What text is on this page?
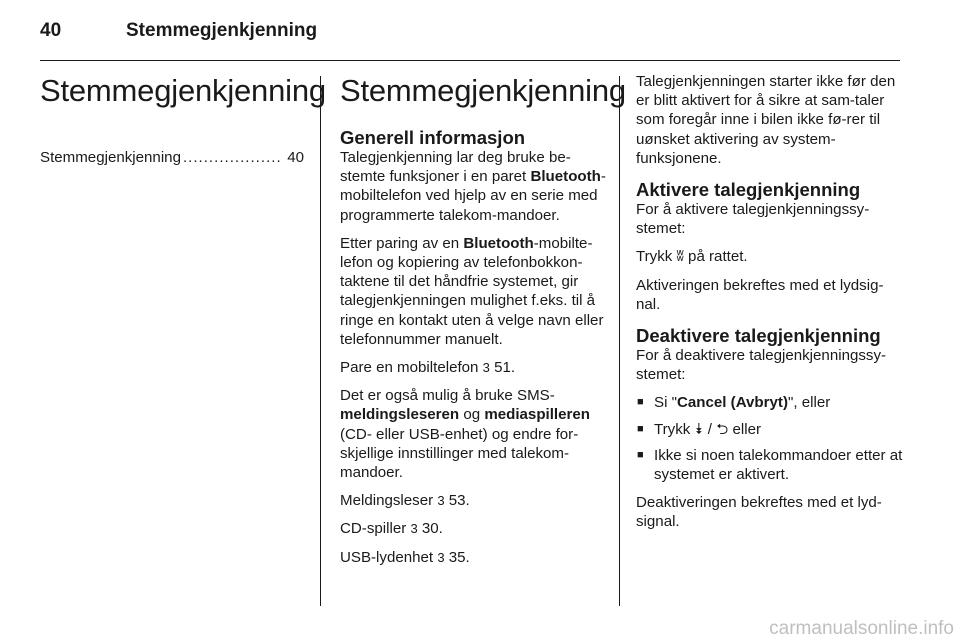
40	Stemmegjenkjenning
Stemmegjenkjenning
Stemmegjenkjenning ................... 40
Stemmegjenkjenning
Generell informasjon

Talegjenkjenning lar deg bruke be-stemte funksjoner i en paret Bluetooth-mobiltelefon ved hjelp av en serie med programmerte talekom-mandoer.

Etter paring av en Bluetooth-mobilte-lefon og kopiering av telefonbokkon-taktene til det håndfrie systemet, gir talegjenkjenningen mulighet f.eks. til å ringe en kontakt uten å velge navn eller telefonnummer manuelt.

Pare en mobiltelefon 3 51.

Det er også mulig å bruke SMS-meldingsleseren og mediaspilleren (CD- eller USB-enhet) og endre for-skjellige innstillinger med talekom-mandoer.

Meldingsleser 3 53.

CD-spiller 3 30.

USB-lydenhet 3 35.

Talegjenkjenningen starter ikke før den er blitt aktivert for å sikre at sam-taler som foregår inne i bilen ikke fø-rer til uønsket aktivering av system-funksjonene.

Aktivere talegjenkjenning

For å aktivere talegjenkjenningssy-stemet:

Trykk ʬ på rattet.

Aktiveringen bekreftes med et lydsig-nal.

Deaktivere talegjenkjenning

For å deaktivere talegjenkjenningssy-stemet:

■ Si "Cancel (Avbryt)", eller
■ Trykk ⯯ / ⮌ eller
■ Ikke si noen talekommandoer etter at systemet er aktivert.

Deaktiveringen bekreftes med et lyd-signal.

carmanualsonline.info
